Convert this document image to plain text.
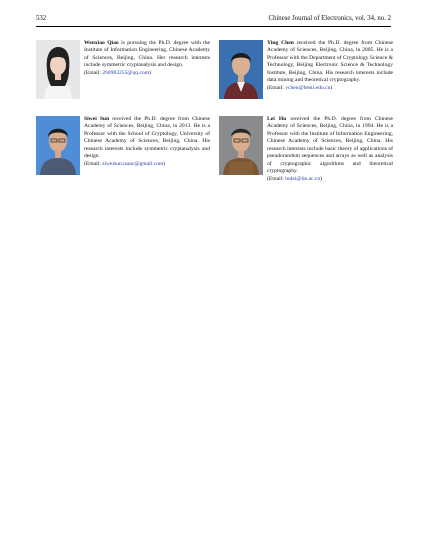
532	Chinese Journal of Electronics, vol. 34, no. 2
Wenxiao Qiao is pursuing the Ph.D. degree with the Institute of Information Engineering, Chinese Academy of Sciences, Beijing, China. Her research interests include symmetric cryptanalysis and design.
(Email: 260983255@qq.com)
Ying Chen received the Ph.D. degree from Chinese Academy of Sciences, Beijing, China, in 2005. He is a Professor with the Department of Cryptology Science & Technology, Beijing Electronic Science & Technology Institute, Beijing, China. His research interests include data mining and theoretical cryptography.
(Email: ychen@besti.edu.cn)
Siwei Sun received the Ph.D. degree from Chinese Academy of Sciences, Beijing, China, in 2013. He is a Professor with the School of Cryptology, University of Chinese Academy of Sciences, Beijing, China. His research interests include symmetric cryptanalysis and design.
(Email: siweisun.isaac@gmail.com)
Lei Hu received the Ph.D. degree from Chinese Academy of Sciences, Beijing, China, in 1994. He is a Professor with the Institute of Information Engineering, Chinese Academy of Sciences, Beijing, China. His research interests include basic theory of applications of pseudorandom sequences and arrays as well as analysis of cryptographic algorithms and theoretical cryptography.
(Email: hulei@iie.ac.cn)
